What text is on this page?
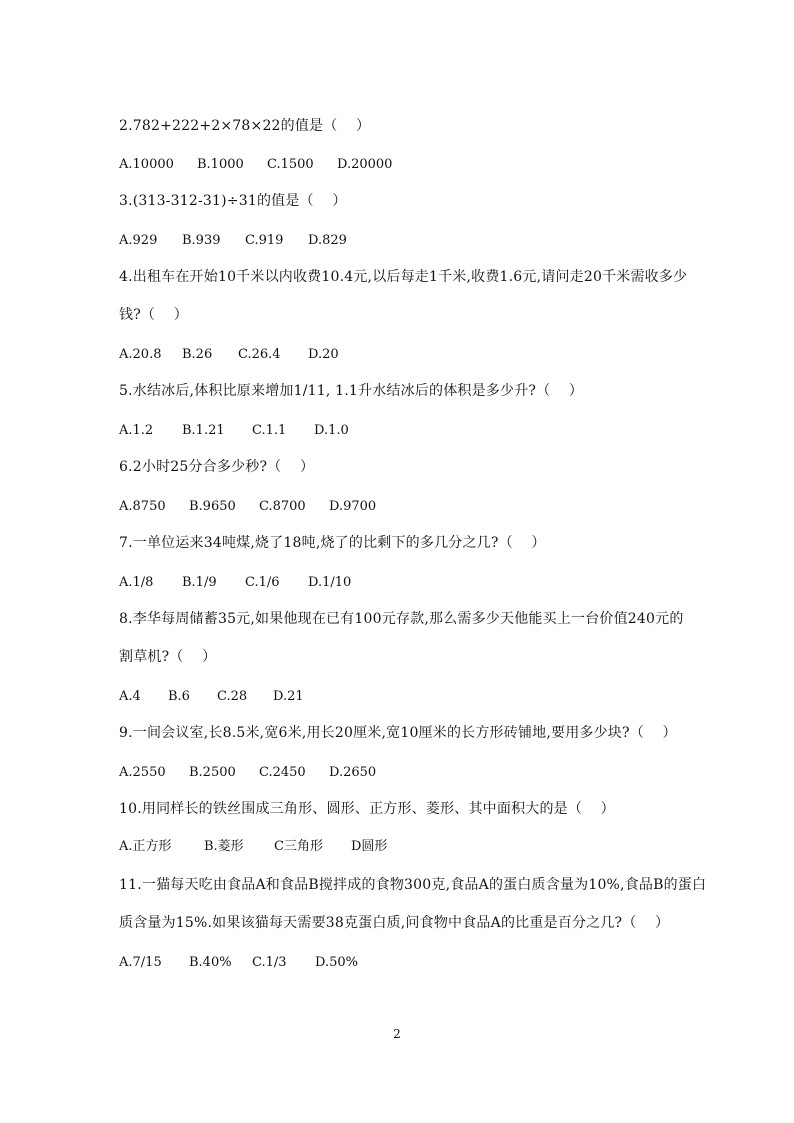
2.782+222+2×78×22的值是（    ）
A.10000 B.1000 C.1500 D.20000
3.(313-312-31)÷31的值是（    ）
A.929 B.939 C.919 D.829
4.出租车在开始10千米以内收费10.4元,以后每走1千米,收费1.6元,请问走20千米需收多少
钱?（    ）
A.20.8 B.26 C.26.4 D.20
5.水结冰后,体积比原来增加1/11, 1.1升水结冰后的体积是多少升?（    ）
A.1.2 B.1.21 C.1.1 D.1.0
6.2小时25分合多少秒?（    ）
A.8750 B.9650 C.8700 D.9700
7.一单位运来34吨煤,烧了18吨,烧了的比剩下的多几分之几?（    ）
A.1/8 B.1/9 C.1/6 D.1/10
8.李华每周储蓄35元,如果他现在已有100元存款,那么需多少天他能买上一台价值240元的
割草机?（    ）
A.4 B.6 C.28 D.21
9.一间会议室,长8.5米,宽6米,用长20厘米,宽10厘米的长方形砖铺地,要用多少块?（    ）
A.2550 B.2500 C.2450 D.2650
10.用同样长的铁丝围成三角形、圆形、正方形、菱形、其中面积大的是（    ）
A.正方形 B.菱形 C三角形 D圆形
11.一猫每天吃由食品A和食品B搅拌成的食物300克,食品A的蛋白质含量为10%,食品B的蛋白
质含量为15%.如果该猫每天需要38克蛋白质,问食物中食品A的比重是百分之几?（    ）
A.7/15 B.40% C.1/3 D.50%
2
